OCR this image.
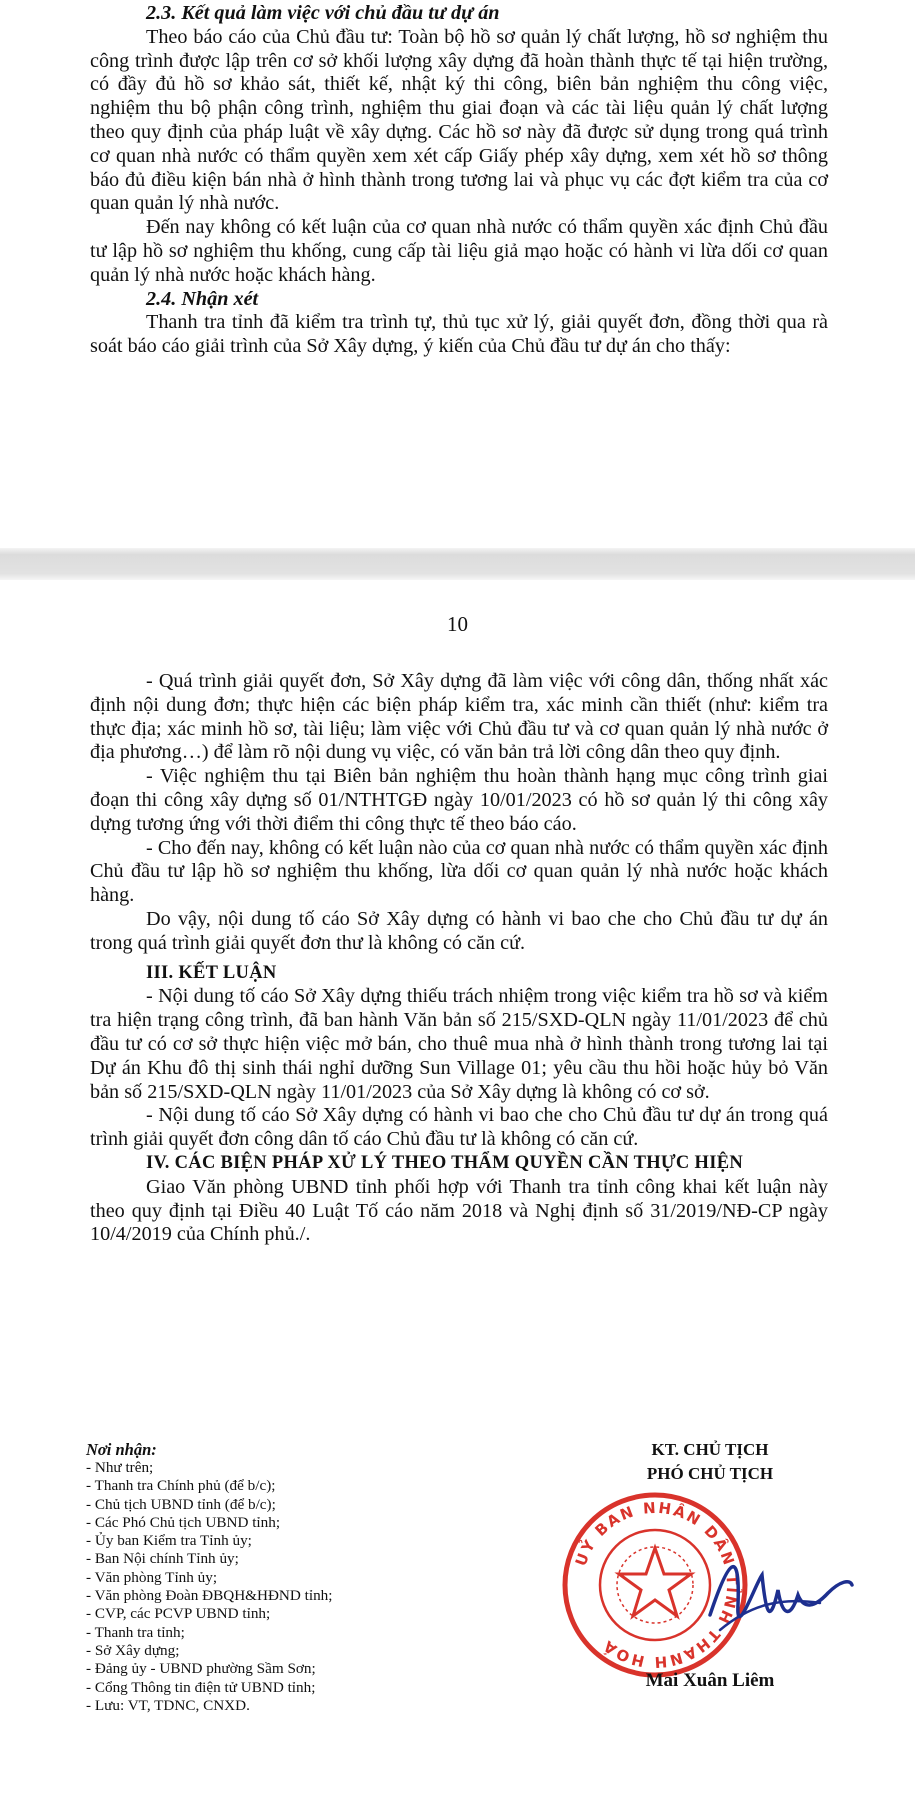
2.3. Kết quả làm việc với chủ đầu tư dự án

Theo báo cáo của Chủ đầu tư: Toàn bộ hồ sơ quản lý chất lượng, hồ sơ nghiệm thu công trình được lập trên cơ sở khối lượng xây dựng đã hoàn thành thực tế tại hiện trường, có đầy đủ hồ sơ khảo sát, thiết kế, nhật ký thi công, biên bản nghiệm thu công việc, nghiệm thu bộ phận công trình, nghiệm thu giai đoạn và các tài liệu quản lý chất lượng theo quy định của pháp luật về xây dựng. Các hồ sơ này đã được sử dụng trong quá trình cơ quan nhà nước có thẩm quyền xem xét cấp Giấy phép xây dựng, xem xét hồ sơ thông báo đủ điều kiện bán nhà ở hình thành trong tương lai và phục vụ các đợt kiểm tra của cơ quan quản lý nhà nước.

Đến nay không có kết luận của cơ quan nhà nước có thẩm quyền xác định Chủ đầu tư lập hồ sơ nghiệm thu khống, cung cấp tài liệu giả mạo hoặc có hành vi lừa dối cơ quan quản lý nhà nước hoặc khách hàng.

2.4. Nhận xét

Thanh tra tỉnh đã kiểm tra trình tự, thủ tục xử lý, giải quyết đơn, đồng thời qua rà soát báo cáo giải trình của Sở Xây dựng, ý kiến của Chủ đầu tư dự án cho thấy:

10

- Quá trình giải quyết đơn, Sở Xây dựng đã làm việc với công dân, thống nhất xác định nội dung đơn; thực hiện các biện pháp kiểm tra, xác minh cần thiết (như: kiểm tra thực địa; xác minh hồ sơ, tài liệu; làm việc với Chủ đầu tư và cơ quan quản lý nhà nước ở địa phương…) để làm rõ nội dung vụ việc, có văn bản trả lời công dân theo quy định.

- Việc nghiệm thu tại Biên bản nghiệm thu hoàn thành hạng mục công trình giai đoạn thi công xây dựng số 01/NTHTGĐ ngày 10/01/2023 có hồ sơ quản lý thi công xây dựng tương ứng với thời điểm thi công thực tế theo báo cáo.

- Cho đến nay, không có kết luận nào của cơ quan nhà nước có thẩm quyền xác định Chủ đầu tư lập hồ sơ nghiệm thu khống, lừa dối cơ quan quản lý nhà nước hoặc khách hàng.

Do vậy, nội dung tố cáo Sở Xây dựng có hành vi bao che cho Chủ đầu tư dự án trong quá trình giải quyết đơn thư là không có căn cứ.

III. KẾT LUẬN

- Nội dung tố cáo Sở Xây dựng thiếu trách nhiệm trong việc kiểm tra hồ sơ và kiểm tra hiện trạng công trình, đã ban hành Văn bản số 215/SXD-QLN ngày 11/01/2023 để chủ đầu tư có cơ sở thực hiện việc mở bán, cho thuê mua nhà ở hình thành trong tương lai tại Dự án Khu đô thị sinh thái nghỉ dưỡng Sun Village 01; yêu cầu thu hồi hoặc hủy bỏ Văn bản số 215/SXD-QLN ngày 11/01/2023 của Sở Xây dựng là không có cơ sở.

- Nội dung tố cáo Sở Xây dựng có hành vi bao che cho Chủ đầu tư dự án trong quá trình giải quyết đơn công dân tố cáo Chủ đầu tư là không có căn cứ.

IV. CÁC BIỆN PHÁP XỬ LÝ THEO THẨM QUYỀN CẦN THỰC HIỆN

Giao Văn phòng UBND tỉnh phối hợp với Thanh tra tỉnh công khai kết luận này theo quy định tại Điều 40 Luật Tố cáo năm 2018 và Nghị định số 31/2019/NĐ-CP ngày 10/4/2019 của Chính phủ./.

Nơi nhận:
- Như trên;
- Thanh tra Chính phủ (để b/c);
- Chủ tịch UBND tỉnh (để b/c);
- Các Phó Chủ tịch UBND tỉnh;
- Ủy ban Kiểm tra Tỉnh ủy;
- Ban Nội chính Tỉnh ủy;
- Văn phòng Tỉnh ủy;
- Văn phòng Đoàn ĐBQH&HĐND tỉnh;
- CVP, các PCVP UBND tỉnh;
- Thanh tra tỉnh;
- Sở Xây dựng;
- Đảng ủy - UBND phường Sầm Sơn;
- Cổng Thông tin điện tử UBND tỉnh;
- Lưu: VT, TDNC, CNXD.
KT. CHỦ TỊCH
PHÓ CHỦ TỊCH
UỶ BAN NHÂN DÂN TỈNH THANH HOÁ
Mai Xuân Liêm
